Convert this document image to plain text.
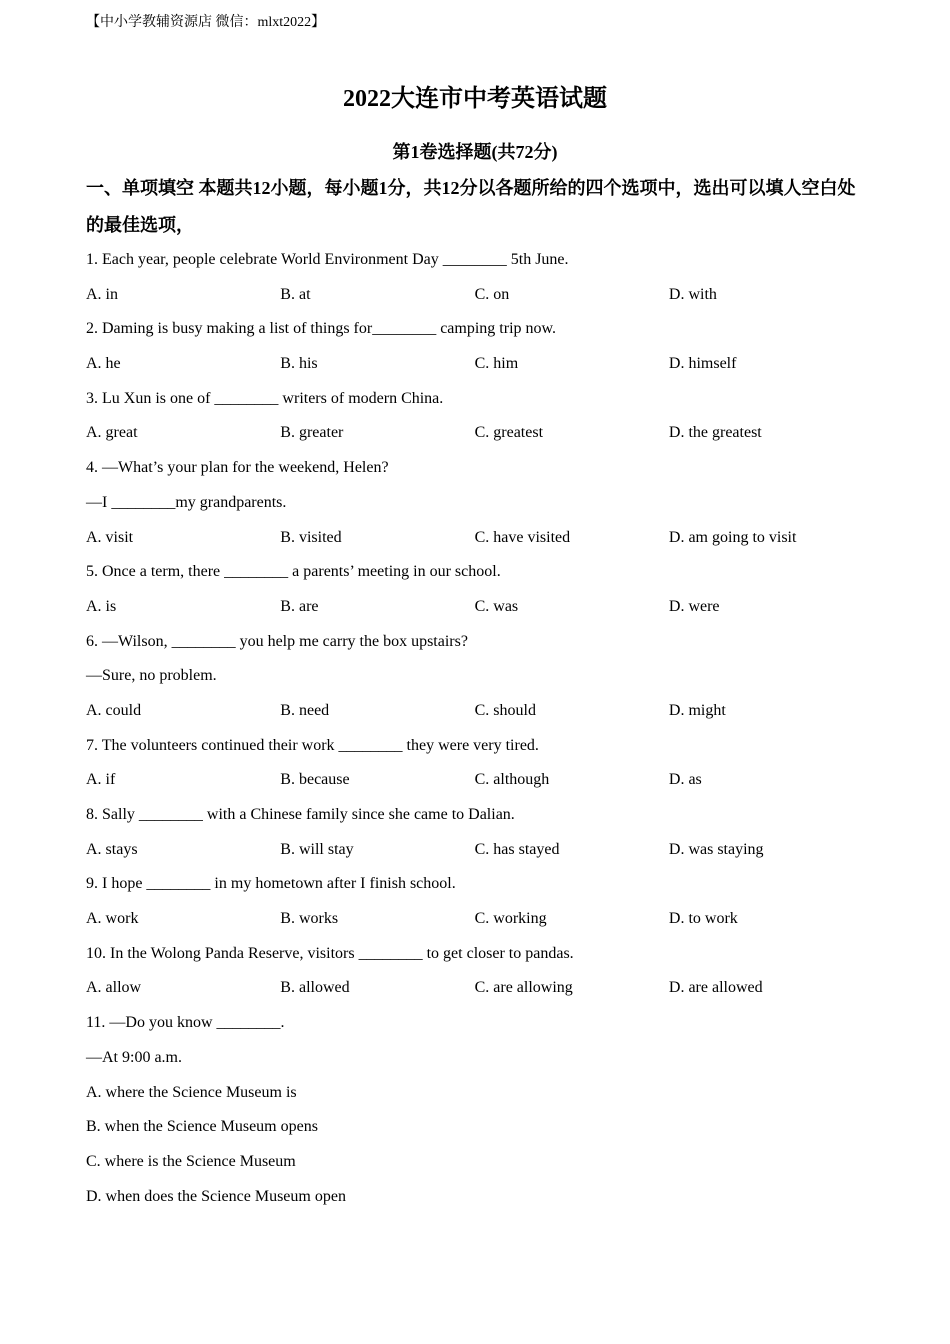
【中小学教辅资源店 微信：mlxt2022】
2022大连市中考英语试题
第1卷选择题(共72分)
一、单项填空 本题共12小题，每小题1分，共12分以各题所给的四个选项中，选出可以填人空白处的最佳选项，
1. Each year, people celebrate World Environment Day ________ 5th June.
A. in	B. at	C. on	D. with
2. Daming is busy making a list of things for________ camping trip now.
A. he	B. his	C. him	D. himself
3. Lu Xun is one of ________ writers of modern China.
A. great	B. greater	C. greatest	D. the greatest
4. —What’s your plan for the weekend, Helen?
—I ________my grandparents.
A. visit	B. visited	C. have visited	D. am going to visit
5. Once a term, there ________ a parents’ meeting in our school.
A. is	B. are	C. was	D. were
6. —Wilson, ________ you help me carry the box upstairs?
—Sure, no problem.
A. could	B. need	C. should	D. might
7. The volunteers continued their work ________ they were very tired.
A. if	B. because	C. although	D. as
8. Sally ________ with a Chinese family since she came to Dalian.
A. stays	B. will stay	C. has stayed	D. was staying
9. I hope ________ in my hometown after I finish school.
A. work	B. works	C. working	D. to work
10. In the Wolong Panda Reserve, visitors ________ to get closer to pandas.
A. allow	B. allowed	C. are allowing	D. are allowed
11. —Do you know ________.
—At 9:00 a.m.
A. where the Science Museum is
B. when the Science Museum opens
C. where is the Science Museum
D. when does the Science Museum open
